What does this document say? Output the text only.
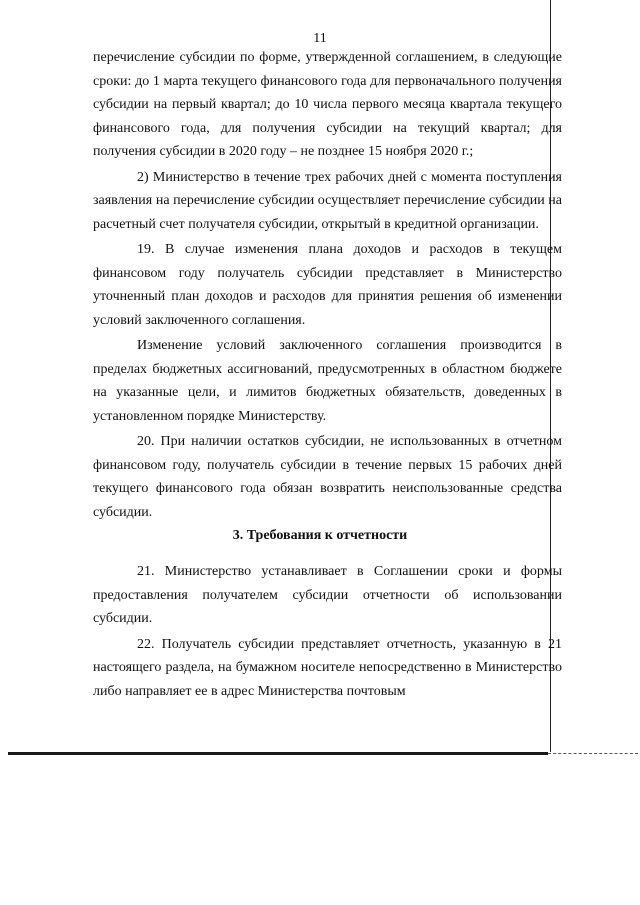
11

перечисление субсидии по форме, утвержденной соглашением, в следующие сроки: до 1 марта текущего финансового года для первоначального получения субсидии на первый квартал; до 10 числа первого месяца квартала текущего финансового года, для получения субсидии на текущий квартал; для получения субсидии в 2020 году – не позднее 15 ноября 2020 г.;

2) Министерство в течение трех рабочих дней с момента поступления заявления на перечисление субсидии осуществляет перечисление субсидии на расчетный счет получателя субсидии, открытый в кредитной организации.

19. В случае изменения плана доходов и расходов в текущем финансовом году получатель субсидии представляет в Министерство уточненный план доходов и расходов для принятия решения об изменении условий заключенного соглашения.

Изменение условий заключенного соглашения производится в пределах бюджетных ассигнований, предусмотренных в областном бюджете на указанные цели, и лимитов бюджетных обязательств, доведенных в установленном порядке Министерству.

20. При наличии остатков субсидии, не использованных в отчетном финансовом году, получатель субсидии в течение первых 15 рабочих дней текущего финансового года обязан возвратить неиспользованные средства субсидии.

3. Требования к отчетности

21. Министерство устанавливает в Соглашении сроки и формы предоставления получателем субсидии отчетности об использовании субсидии.

22. Получатель субсидии представляет отчетность, указанную в 21 настоящего раздела, на бумажном носителе непосредственно в Министерство либо направляет ее в адрес Министерства почтовым
